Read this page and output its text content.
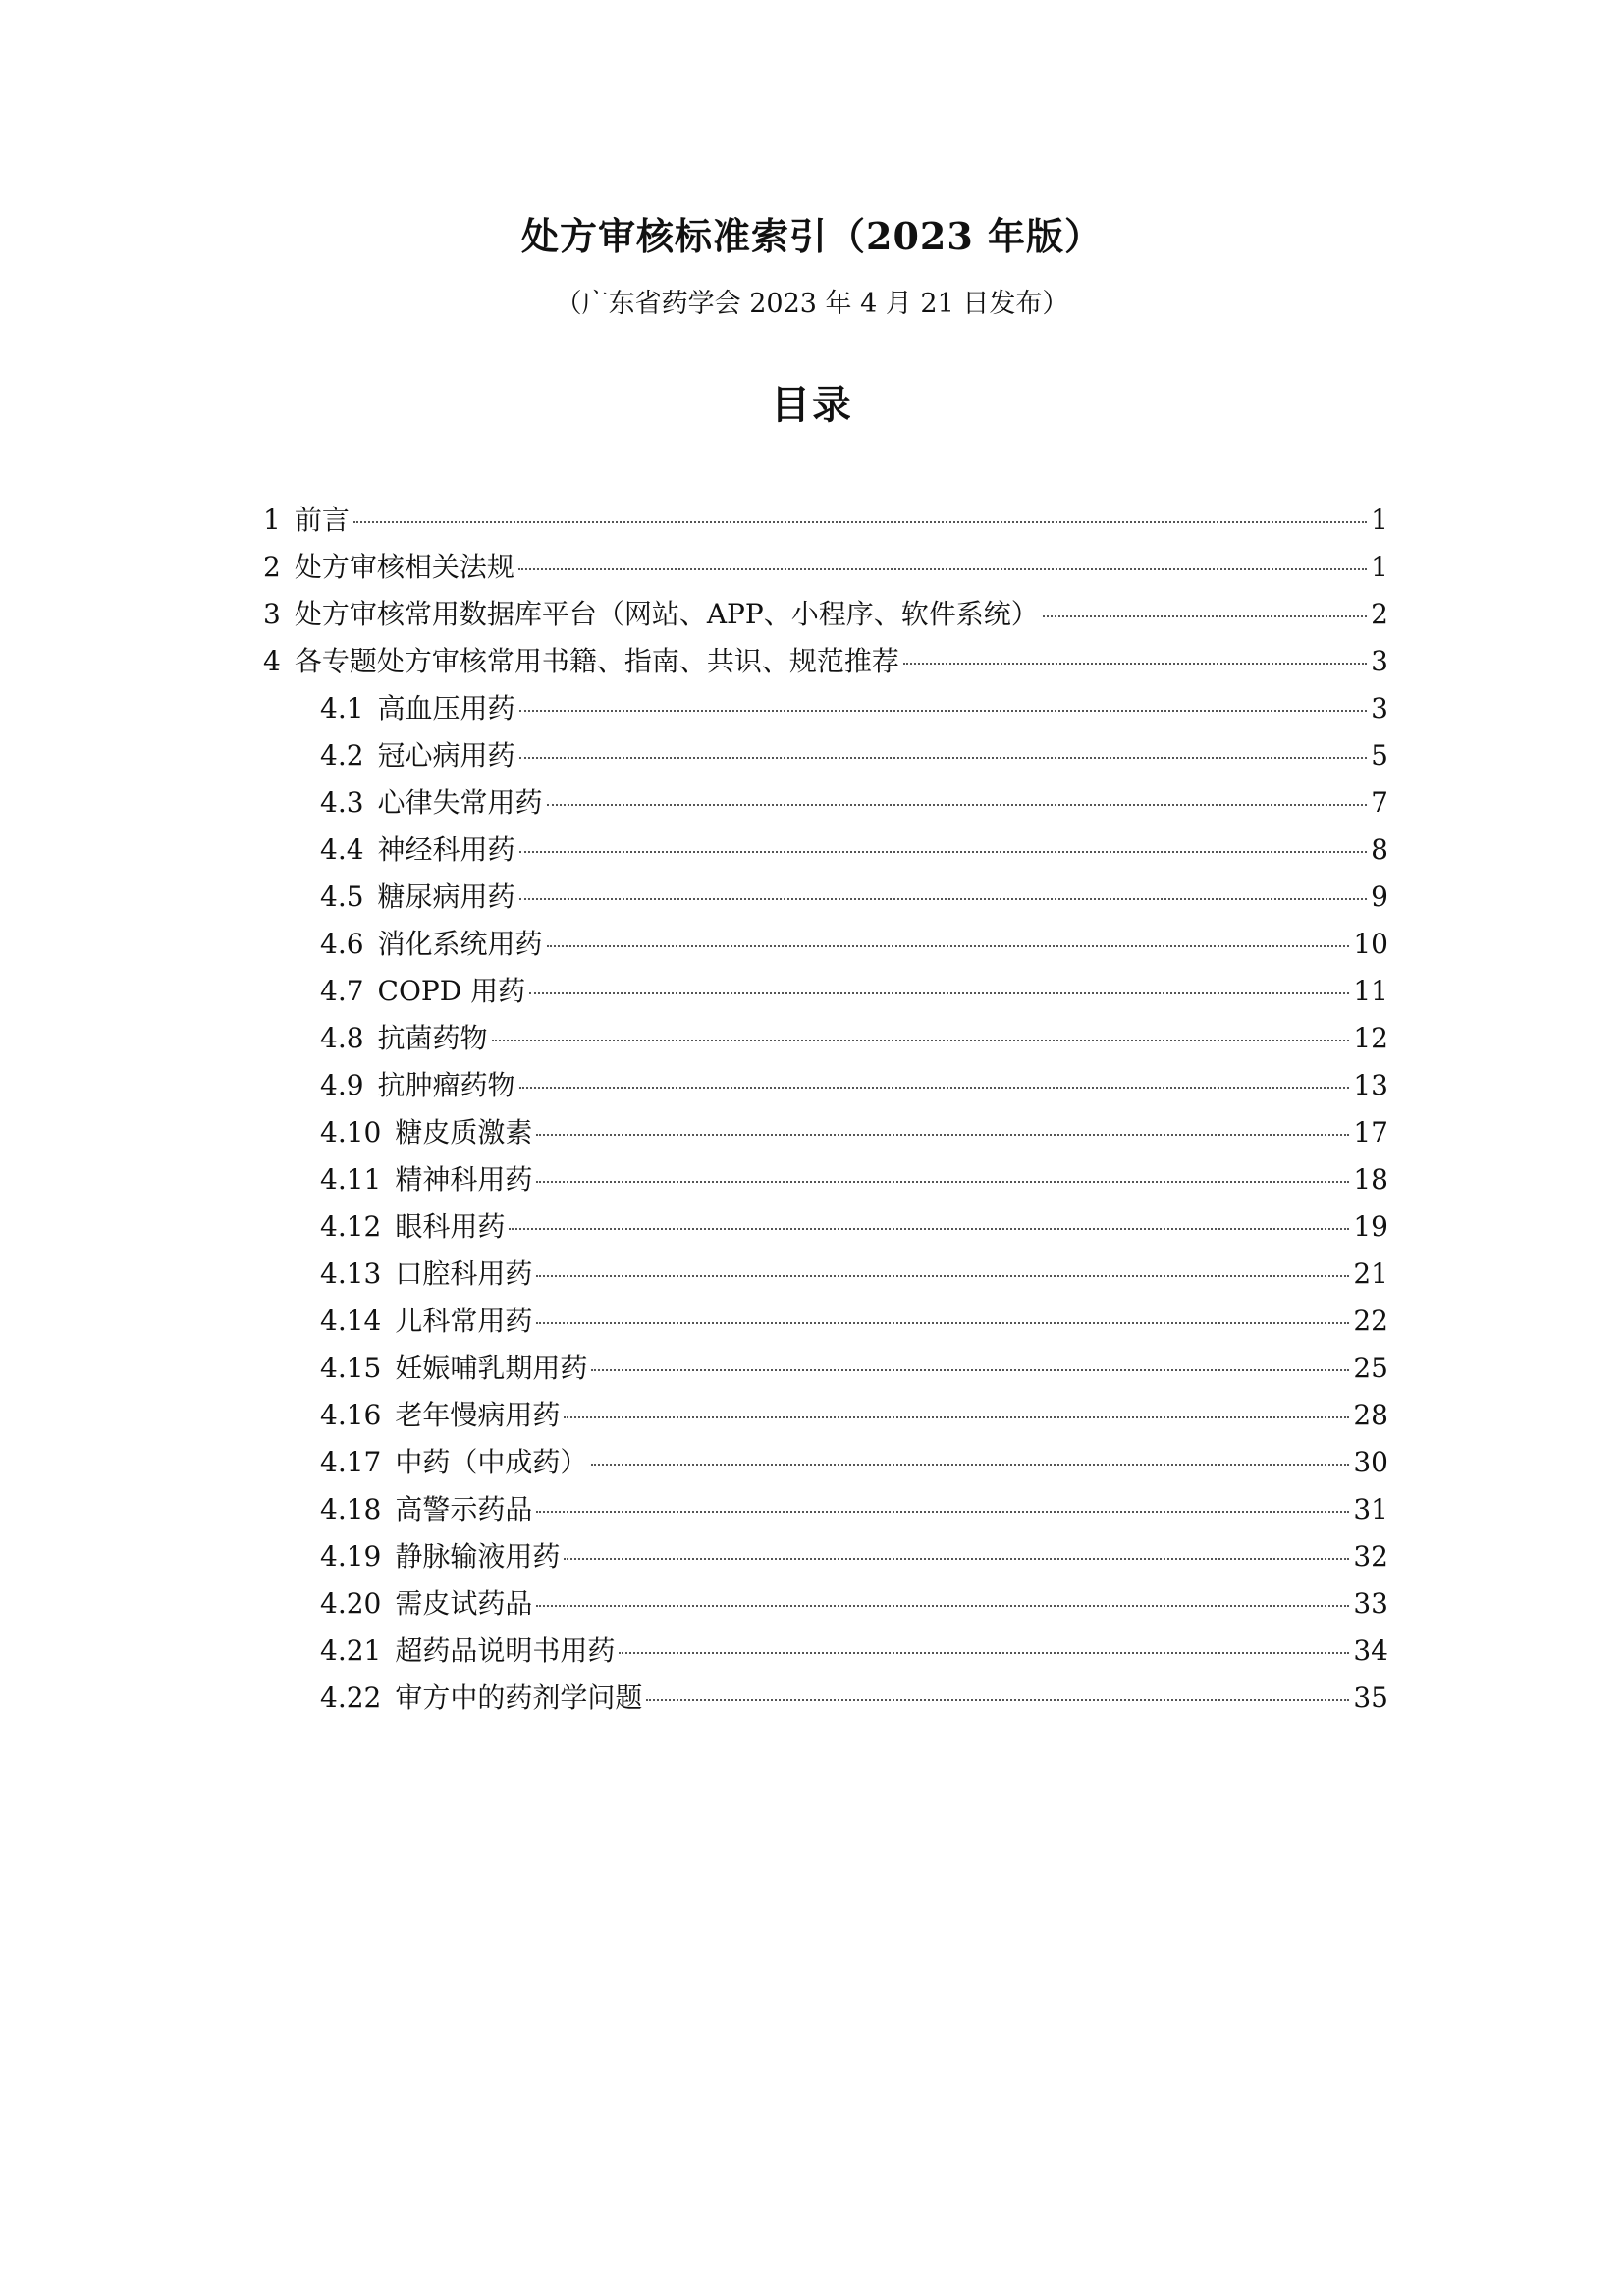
处方审核标准索引（2023 年版）
（广东省药学会 2023 年 4 月 21 日发布）
目录
1 前言	1
2 处方审核相关法规	1
3 处方审核常用数据库平台（网站、APP、小程序、软件系统）	2
4 各专题处方审核常用书籍、指南、共识、规范推荐	3
4.1 高血压用药	3
4.2 冠心病用药	5
4.3 心律失常用药	7
4.4 神经科用药	8
4.5 糖尿病用药	9
4.6 消化系统用药	10
4.7 COPD 用药	11
4.8 抗菌药物	12
4.9 抗肿瘤药物	13
4.10 糖皮质激素	17
4.11 精神科用药	18
4.12 眼科用药	19
4.13 口腔科用药	21
4.14 儿科常用药	22
4.15 妊娠哺乳期用药	25
4.16 老年慢病用药	28
4.17 中药（中成药）	30
4.18 高警示药品	31
4.19 静脉输液用药	32
4.20 需皮试药品	33
4.21 超药品说明书用药	34
4.22 审方中的药剂学问题	35
